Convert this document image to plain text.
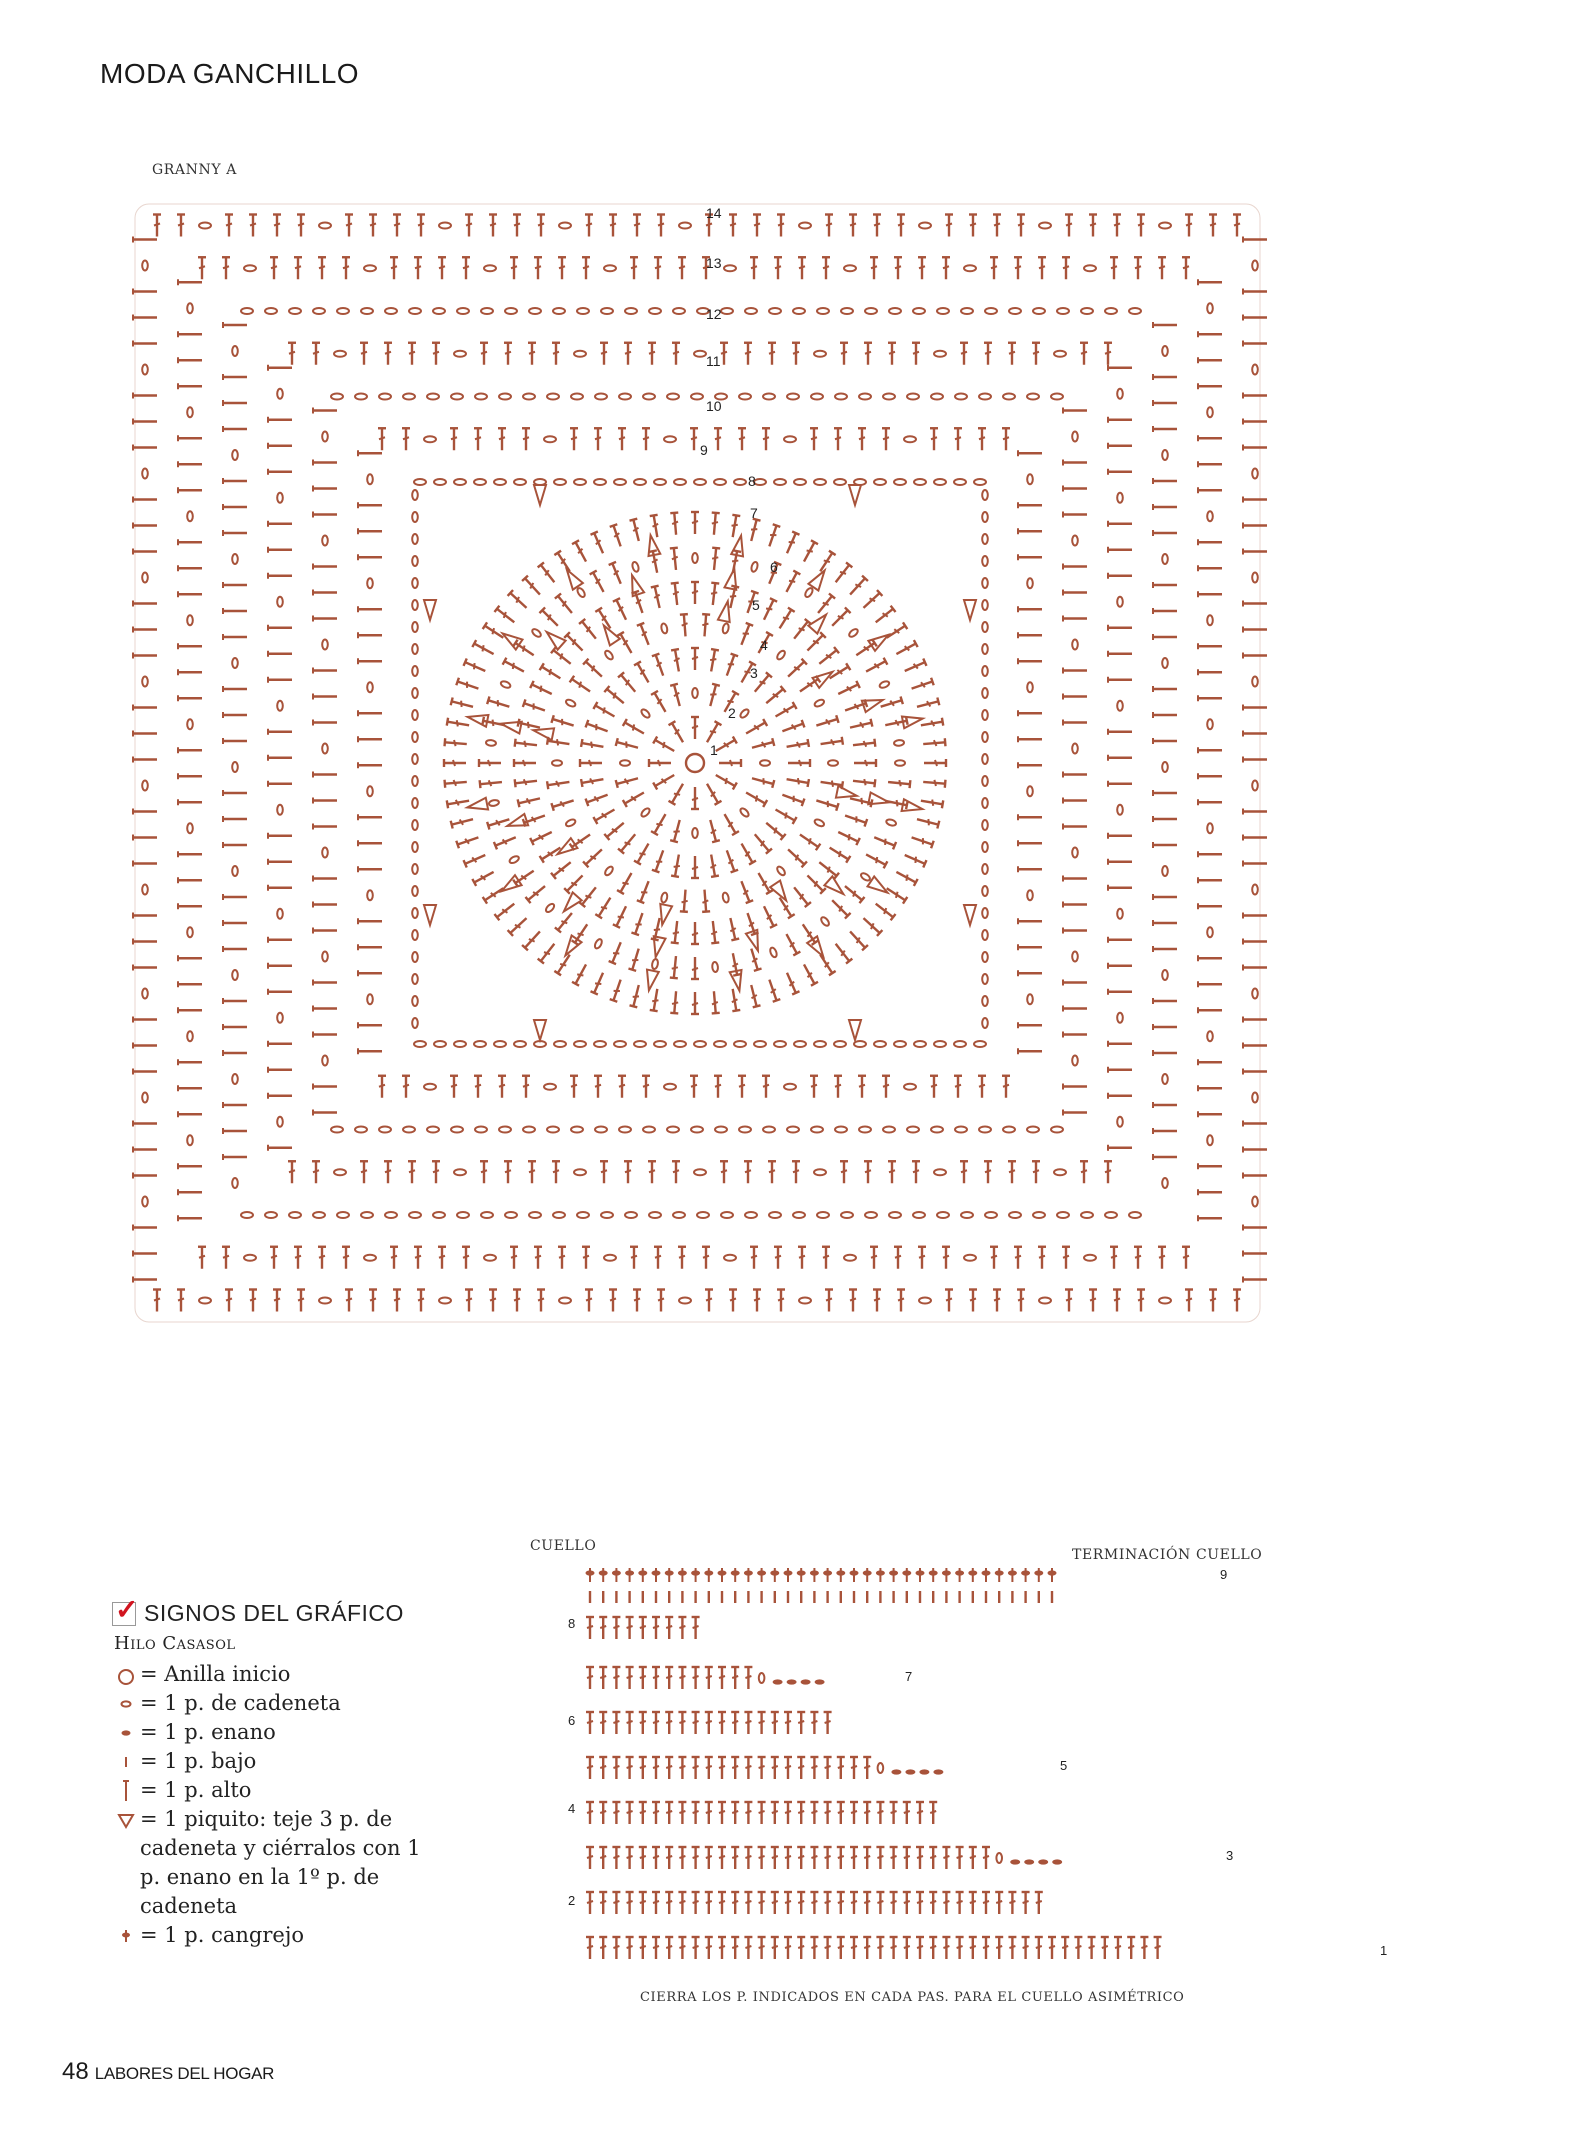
MODA GANCHILLO
GRANNY A
1
2
3
4
5
6
7
8
9
10
11
12
13
14
CUELLO
TERMINACIÓN CUELLO
9
8
7
6
5
4
3
2
1
CIERRA LOS P. INDICADOS EN CADA PAS. PARA EL CUELLO ASIMÉTRICO
✓ SIGNOS DEL GRÁFICO
Hilo Casasol
= Anilla inicio
= 1 p. de cadeneta
= 1 p. enano
= 1 p. bajo
= 1 p. alto
= 1 piquito: teje 3 p. de cadeneta y ciérralos con 1 p. enano en la 1º p. de cadeneta
= 1 p. cangrejo
48 LABORES DEL HOGAR
